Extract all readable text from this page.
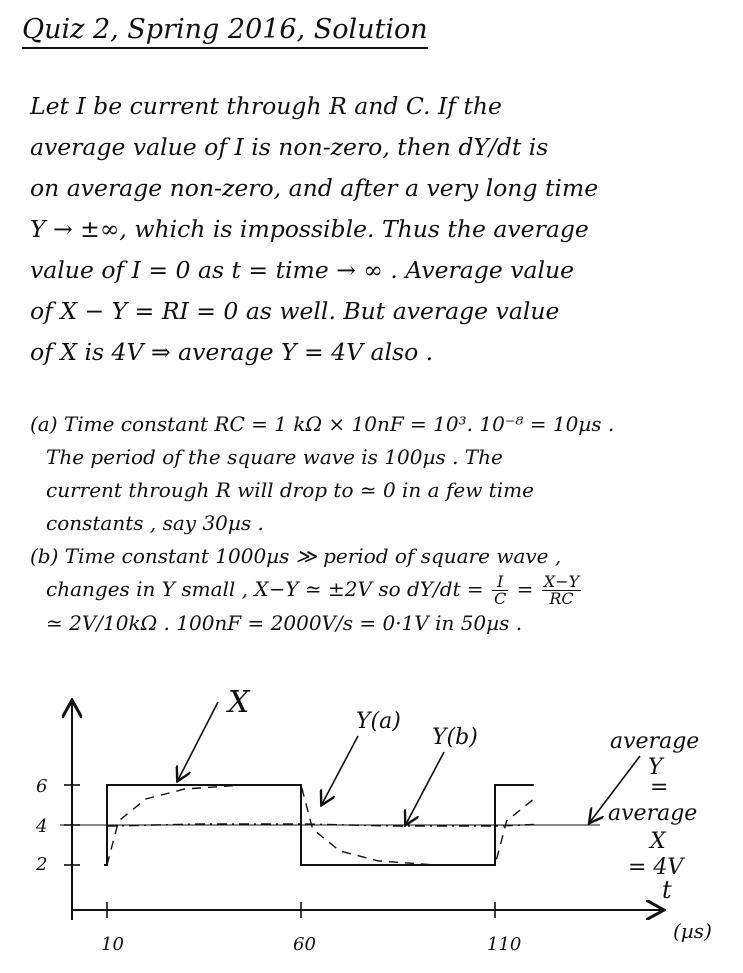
Quiz 2, Spring 2016, Solution
Let I be current through R and C. If the
average value of I is non-zero, then dY/dt is
on average non-zero, and after a very long time
Y → ±∞, which is impossible. Thus the average
value of I = 0 as t = time → ∞ . Average value
of X − Y = RI = 0 as well. But average value
of X is 4V ⇒ average Y = 4V also .
(a) Time constant RC = 1 kΩ × 10nF = 10³. 10⁻⁸ = 10µs .
The period of the square wave is 100µs . The
current through R will drop to ≃ 0 in a few time
constants , say 30µs .
(b) Time constant 1000µs ≫ period of square wave ,
changes in Y small , X−Y ≃ ±2V so $dY/dt = \frac{I}{C} = \frac{X-Y}{RC}$
≃ 2V/10kΩ . 100nF = 2000V/s = 0·1V in 50µs .
6
4
2
10	60	110
t
(µs)
X
Y(a)
Y(b)	average
Y
=
average
X
= 4V
